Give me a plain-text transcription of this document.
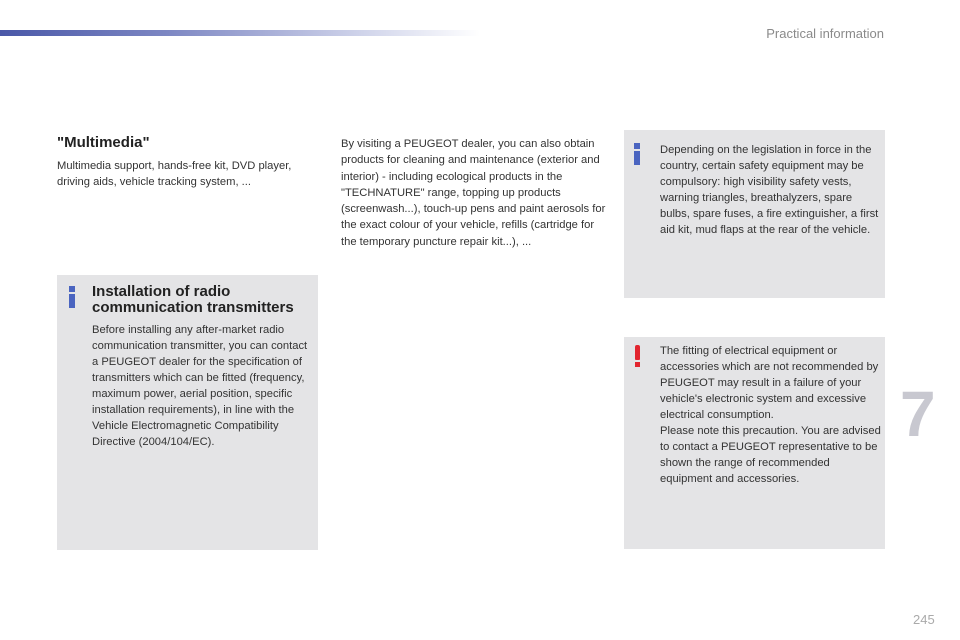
Practical information
"Multimedia"

Multimedia support, hands-free kit, DVD player, driving aids, vehicle tracking system, ...

By visiting a PEUGEOT dealer, you can also obtain products for cleaning and maintenance (exterior and interior) - including ecological products in the "TECHNATURE" range, topping up products (screenwash...), touch-up pens and paint aerosols for the exact colour of your vehicle, refills (cartridge for the temporary puncture repair kit...), ...

Installation of radio communication transmitters

Before installing any after-market radio communication transmitter, you can contact a PEUGEOT dealer for the specification of transmitters which can be fitted (frequency, maximum power, aerial position, specific installation requirements), in line with the Vehicle Electromagnetic Compatibility Directive (2004/104/EC).

Depending on the legislation in force in the country, certain safety equipment may be compulsory: high visibility safety vests, warning triangles, breathalyzers, spare bulbs, spare fuses, a fire extinguisher, a first aid kit, mud flaps at the rear of the vehicle.

The fitting of electrical equipment or accessories which are not recommended by PEUGEOT may result in a failure of your vehicle's electronic system and excessive electrical consumption.
Please note this precaution. You are advised to contact a PEUGEOT representative to be shown the range of recommended equipment and accessories.
7
245
